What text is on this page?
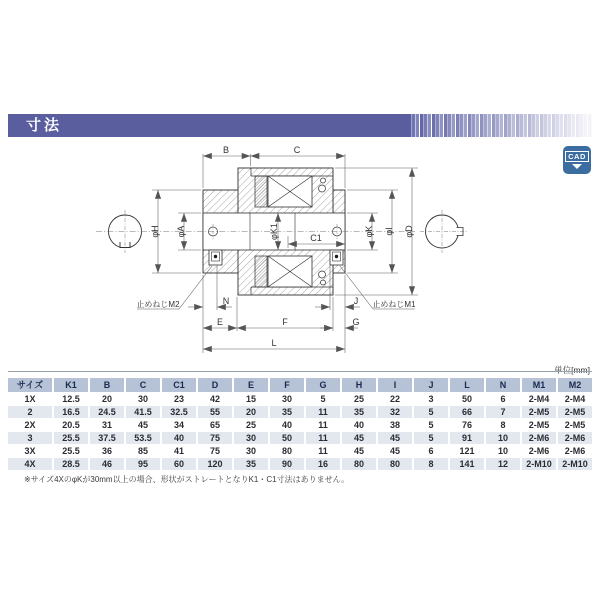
寸法
CAD
B	C
φH φA	φK1	C1
φK φI φD
N	J
E	F	G
L
止めねじM2	止めねじM1
単位[mm]
サイズ	K1	B	C	C1	D	E	F	G	H	I	J	L	N	M1	M2
1X	12.5	20	30	23	42	15	30	5	25	22	3	50	6	2-M4	2-M4
2	16.5	24.5	41.5	32.5	55	20	35	11	35	32	5	66	7	2-M5	2-M5
2X	20.5	31	45	34	65	25	40	11	40	38	5	76	8	2-M5	2-M5
3	25.5	37.5	53.5	40	75	30	50	11	45	45	5	91	10	2-M6	2-M6
3X	25.5	36	85	41	75	30	80	11	45	45	6	121	10	2-M6	2-M6
4X	28.5	46	95	60	120	35	90	16	80	80	8	141	12	2-M10	2-M10
※サイズ4XのφKが30mm以上の場合、形状がストレートとなりK1・C1寸法はありません。
